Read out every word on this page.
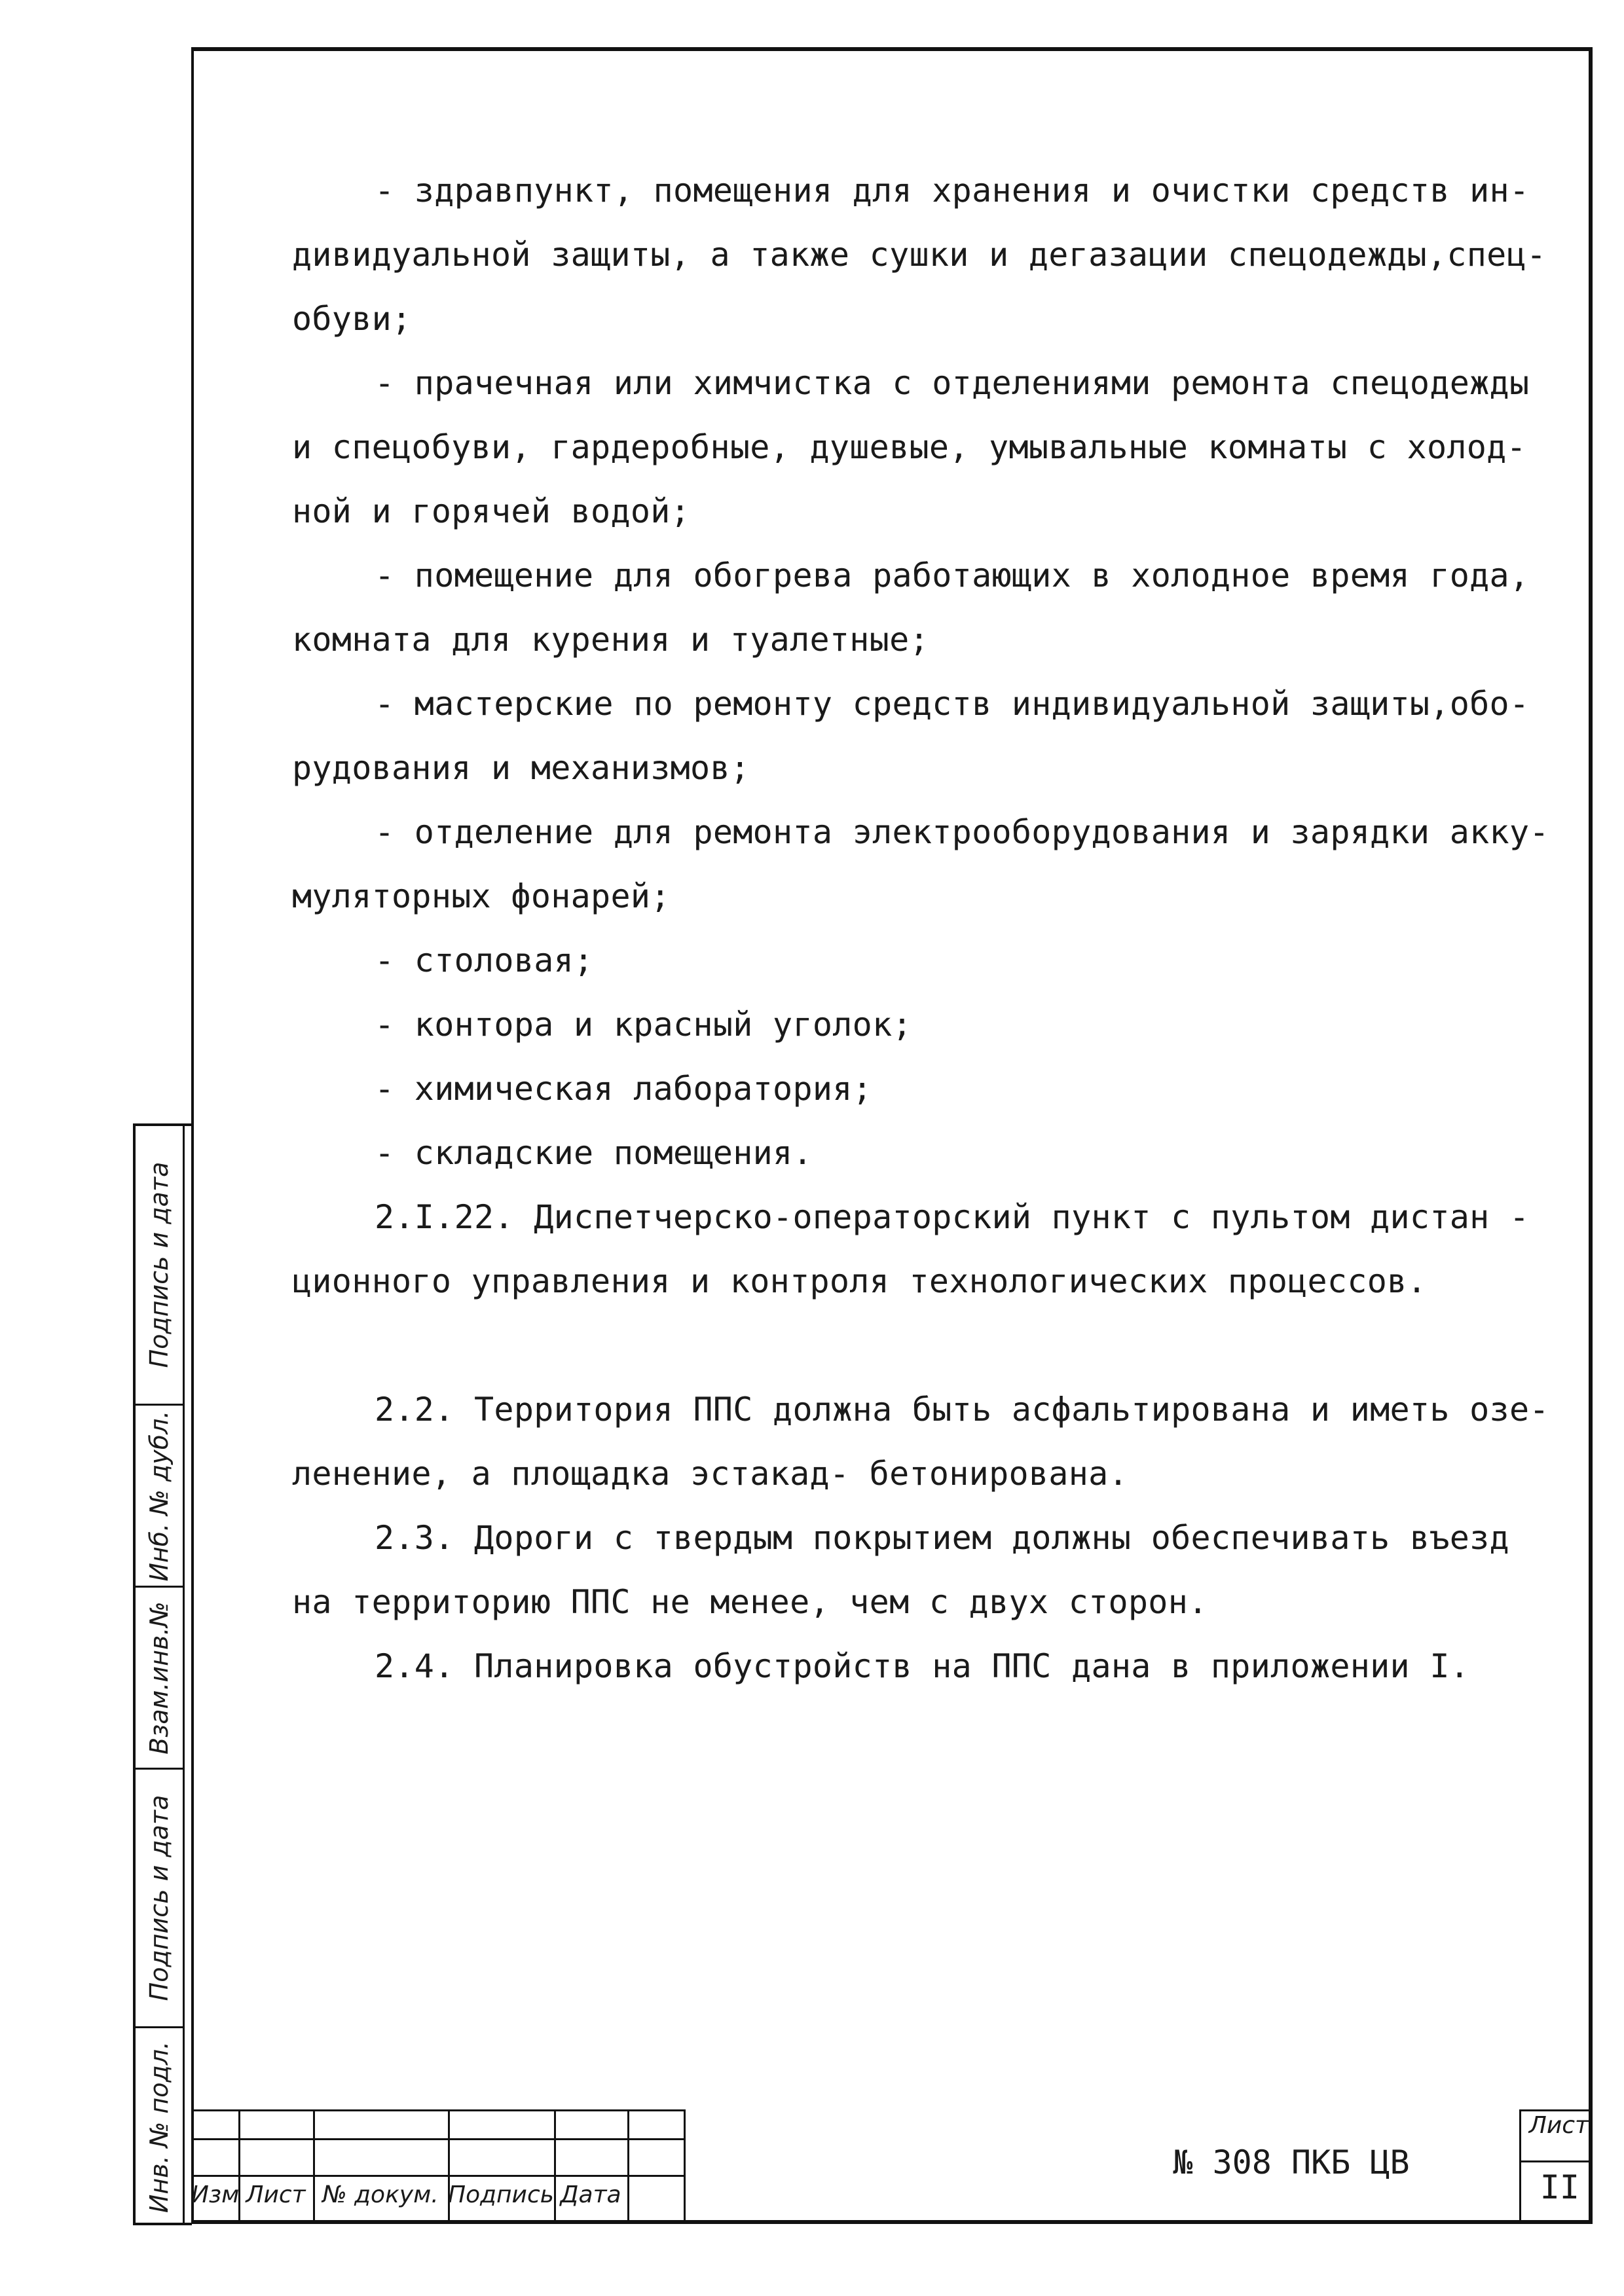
- здравпункт, помещения для хранения и очистки средств ин-
дивидуальной защиты, а также сушки и дегазации спецодежды,спец-
обуви;
- прачечная или химчистка с отделениями ремонта спецодежды
и спецобуви, гардеробные, душевые, умывальные комнаты с холод-
ной и горячей водой;
- помещение для обогрева работающих в холодное время года,
комната для курения и туалетные;
- мастерские по ремонту средств индивидуальной защиты,обо-
рудования и механизмов;
- отделение для ремонта электрооборудования и зарядки акку-
муляторных фонарей;
- столовая;
- контора и красный уголок;
- химическая лаборатория;
- складские помещения.
2.I.22. Диспетчерско-операторский пункт с пультом дистан -
ционного управления и контроля технологических процессов.
2.2. Территория ППС должна быть асфальтирована и иметь озе-
ленение, а площадка эстакад- бетонирована.
2.3. Дороги с твердым покрытием должны обеспечивать въезд
на территорию ППС не менее, чем с двух сторон.
2.4. Планировка обустройств на ППС дана в приложении I.
Подпись и дата
Инб. № дубл.
Взам.инв.№
Подпись и дата
Инв. № подл. Изм Лист № докум. Подпись Дата
№ 308 ПКБ ЦВ
Лист
II
